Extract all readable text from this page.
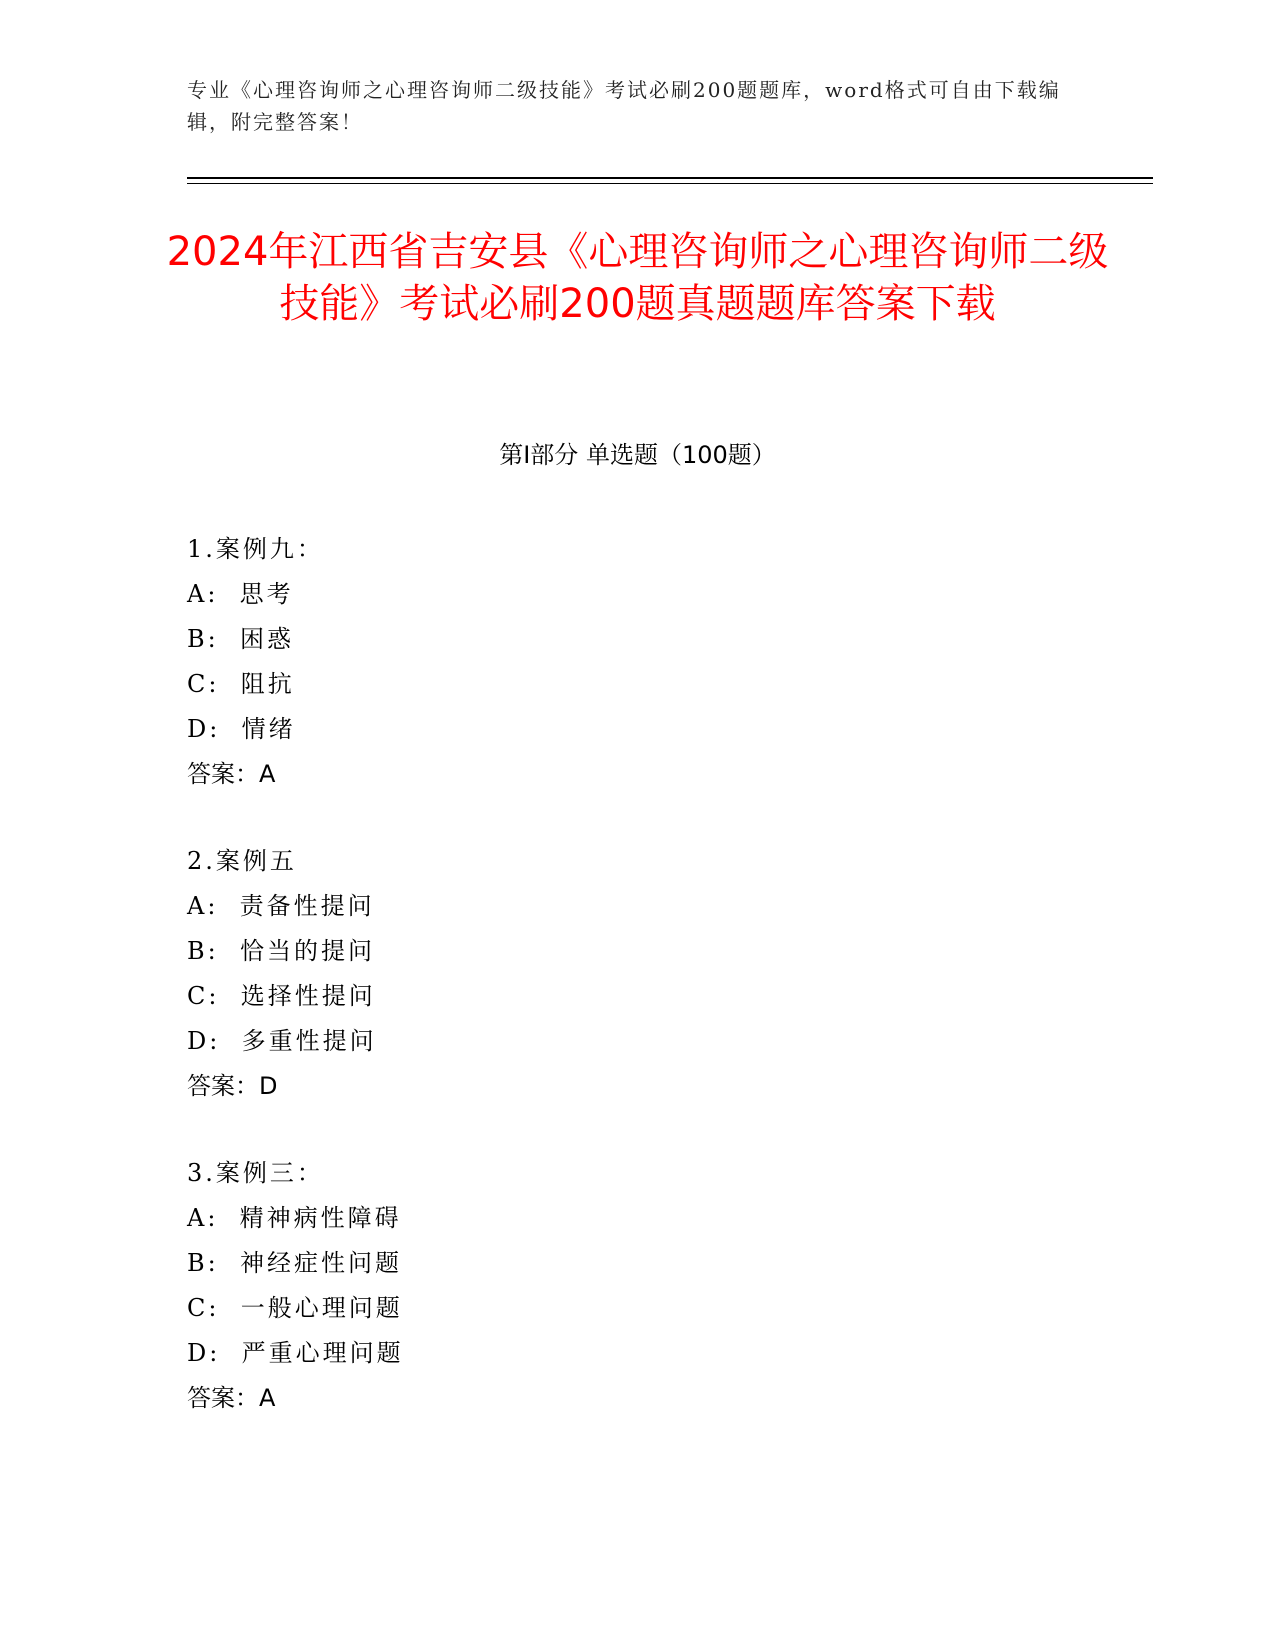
专业《心理咨询师之心理咨询师二级技能》考试必刷200题题库，word格式可自由下载编辑，附完整答案！
2024年江西省吉安县《心理咨询师之心理咨询师二级技能》考试必刷200题真题题库答案下载
第Ⅰ部分 单选题（100题）
1.案例九：
A:  思考
B:  困惑
C:  阻抗
D:  情绪
答案：A
2.案例五
A:  责备性提问
B:  恰当的提问
C:  选择性提问
D:  多重性提问
答案：D
3.案例三：
A:  精神病性障碍
B:  神经症性问题
C:  一般心理问题
D:  严重心理问题
答案：A
